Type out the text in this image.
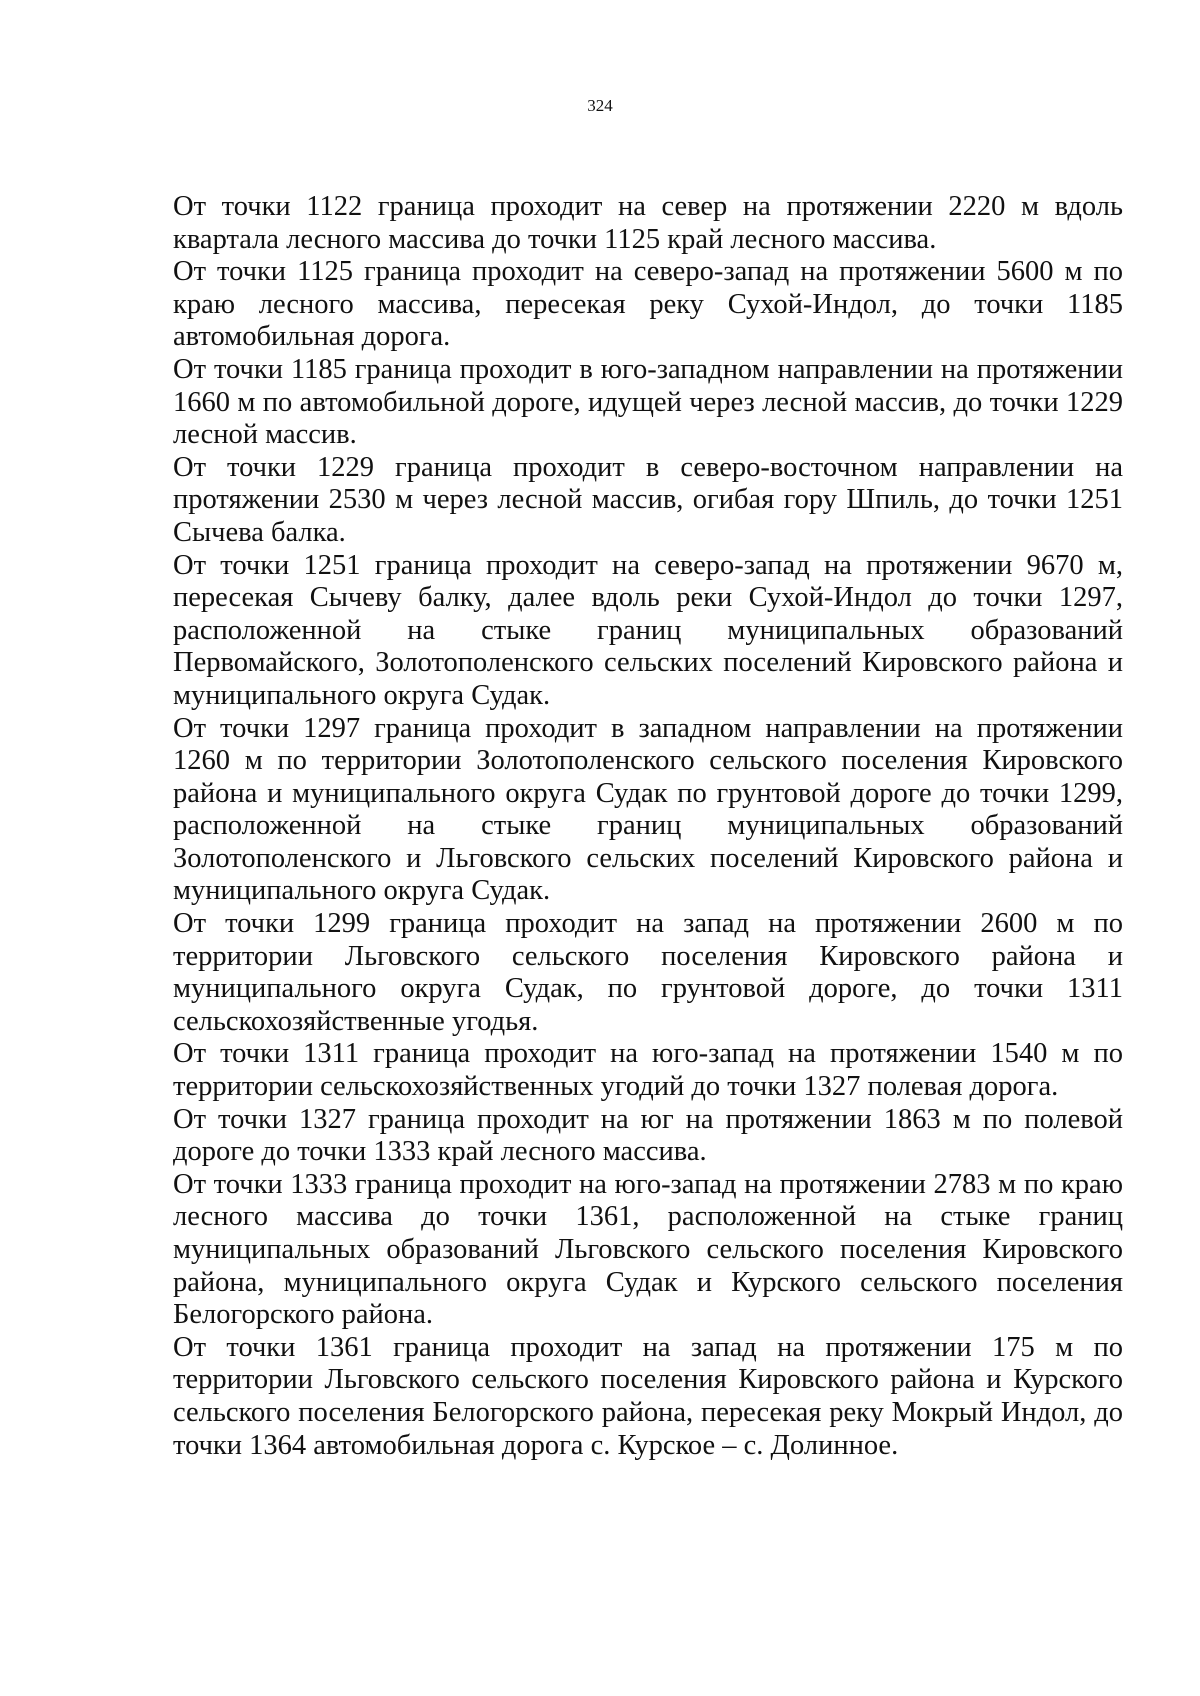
324

От точки 1122 граница проходит на север на протяжении 2220 м вдоль квартала лесного массива до точки 1125 край лесного массива.

От точки 1125 граница проходит на северо-запад на протяжении 5600 м по краю лесного массива, пересекая реку Сухой-Индол, до точки 1185 автомобильная дорога.

От точки 1185 граница проходит в юго-западном направлении на протяжении 1660 м по автомобильной дороге, идущей через лесной массив, до точки 1229 лесной массив.

От точки 1229 граница проходит в северо-восточном направлении на протяжении 2530 м через лесной массив, огибая гору Шпиль, до точки 1251 Сычева балка.

От точки 1251 граница проходит на северо-запад на протяжении 9670 м, пересекая Сычеву балку, далее вдоль реки Сухой-Индол до точки 1297, расположенной на стыке границ муниципальных образований Первомайского, Золотополенского сельских поселений Кировского района и муниципального округа Судак.

От точки 1297 граница проходит в западном направлении на протяжении 1260 м по территории Золотополенского сельского поселения Кировского района и муниципального округа Судак по грунтовой дороге до точки 1299, расположенной на стыке границ муниципальных образований Золотополенского и Льговского сельских поселений Кировского района и муниципального округа Судак.

От точки 1299 граница проходит на запад на протяжении 2600 м по территории Льговского сельского поселения Кировского района и муниципального округа Судак, по грунтовой дороге, до точки 1311 сельскохозяйственные угодья.

От точки 1311 граница проходит на юго-запад на протяжении 1540 м по территории сельскохозяйственных угодий до точки 1327 полевая дорога.

От точки 1327 граница проходит на юг на протяжении 1863 м по полевой дороге до точки 1333 край лесного массива.

От точки 1333 граница проходит на юго-запад на протяжении 2783 м по краю лесного массива до точки 1361, расположенной на стыке границ муниципальных образований Льговского сельского поселения Кировского района, муниципального округа Судак и Курского сельского поселения Белогорского района.

От точки 1361 граница проходит на запад на протяжении 175 м по территории Льговского сельского поселения Кировского района и Курского сельского поселения Белогорского района, пересекая реку Мокрый Индол, до точки 1364 автомобильная дорога с. Курское – с. Долинное.
